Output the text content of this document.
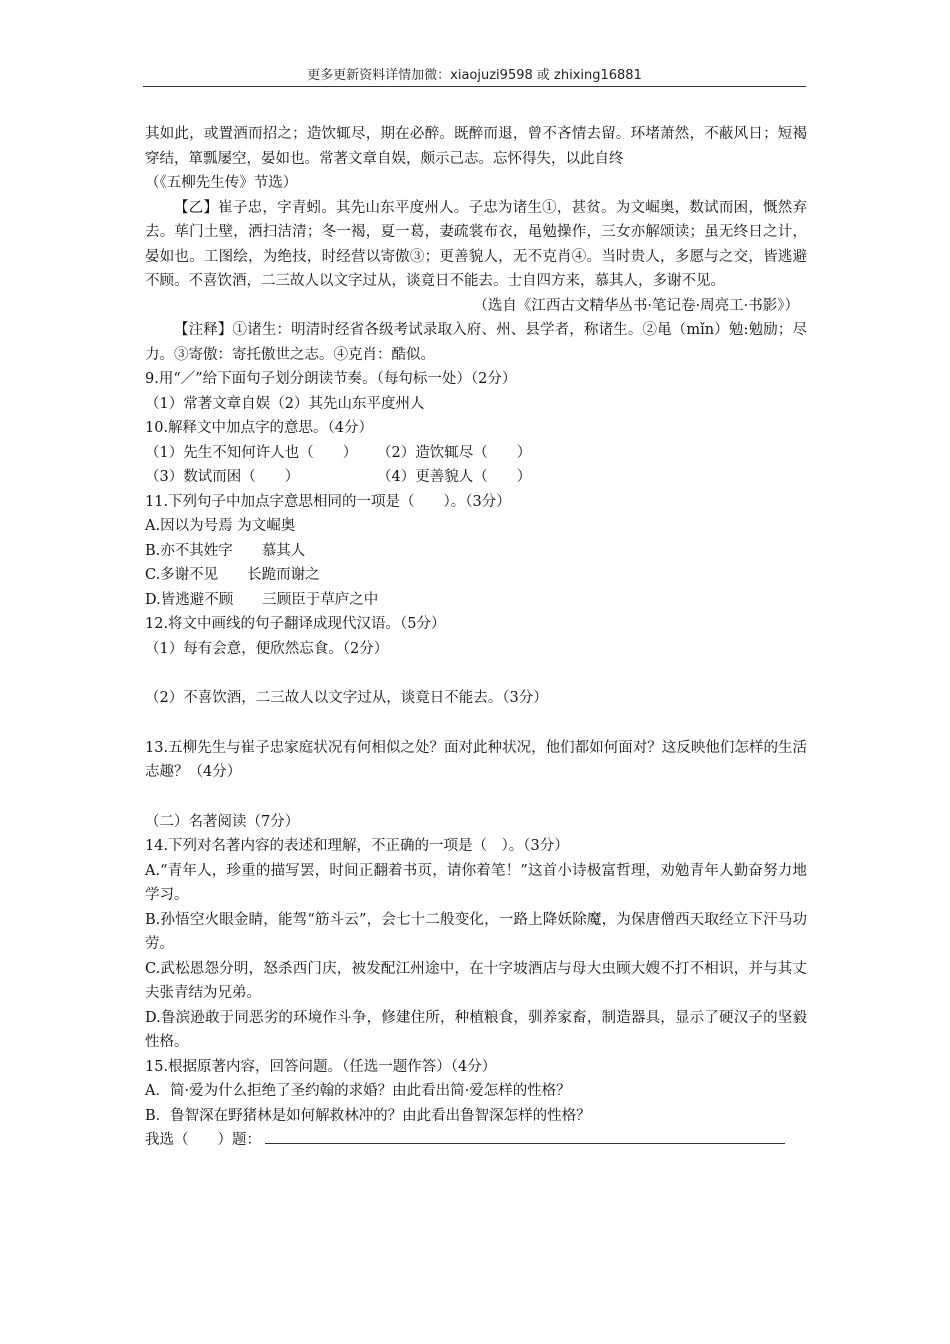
更多更新资料详情加微：xiaojuzi9598 或 zhixing16881

其如此，或置酒而招之；造饮辄尽，期在必醉。既醉而退，曾不吝情去留。环堵萧然，不蔽风日；短褐穿结，箪瓢屡空，晏如也。常著文章自娱，颇示己志。忘怀得失，以此自终

（《五柳先生传》节选）

【乙】崔子忠，字青蚓。其先山东平度州人。子忠为诸生①，甚贫。为文崛奥，数试而困，慨然弃去。荜门土壁，洒扫洁清；冬一褐，夏一葛，妻疏裳布衣，黾勉操作，三女亦解颂读；虽无终日之计，晏如也。工图绘，为绝技，时经营以寄傲③；更善貌人，无不克肖④。当时贵人，多愿与之交，皆逃避不顾。不喜饮酒，二三故人以文字过从，谈竟日不能去。士自四方来，慕其人，多谢不见。

（选自《江西古文精华丛书·笔记卷·周亮工·书影》）

【注释】①诸生：明清时经省各级考试录取入府、州、县学者，称诸生。②黾（mǐn）勉:勉励；尽力。③寄傲：寄托傲世之志。④克肖：酷似。

9.用“／”给下面句子划分朗读节奏。（每句标一处）（2分）

（1）常著文章自娱（2）其先山东平度州人

10.解释文中加点字的意思。（4分）

（1）先生不知何许人也（　　） （2）造饮辄尽（　　）
（3）数试而困（　　）	（4）更善貌人（　　）

11.下列句子中加点字意思相同的一项是（　　）。（3分）

A.因以为号焉 为文崛奥

B.亦不其姓字　　慕其人

C.多谢不见　　长跪而谢之

D.皆逃避不顾　　三顾臣于草庐之中

12.将文中画线的句子翻译成现代汉语。（5分）

（1）每有会意，便欣然忘食。（2分）

（2）不喜饮酒，二三故人以文字过从，谈竟日不能去。（3分）

13.五柳先生与崔子忠家庭状况有何相似之处？面对此种状况，他们都如何面对？这反映他们怎样的生活志趣？（4分）

（二）名著阅读（7分）

14.下列对名著内容的表述和理解，不正确的一项是（　）。（3分）

A.“青年人，珍重的描写罢，时间正翻着书页，请你着笔！”这首小诗极富哲理，劝勉青年人勤奋努力地学习。

B.孙悟空火眼金睛，能驾“筋斗云”，会七十二般变化，一路上降妖除魔，为保唐僧西天取经立下汗马功劳。

C.武松恩怨分明，怒杀西门庆，被发配江州途中，在十字坡酒店与母大虫顾大嫂不打不相识，并与其丈夫张青结为兄弟。

D.鲁滨逊敢于同恶劣的环境作斗争，修建住所，种植粮食，驯养家畜，制造器具，显示了硬汉子的坚毅性格。

15.根据原著内容，回答问题。（任选一题作答）（4分）

A．简·爱为什么拒绝了圣约翰的求婚？由此看出简·爱怎样的性格？

B．鲁智深在野猪林是如何解救林冲的？由此看出鲁智深怎样的性格？

我选（　　）题：
